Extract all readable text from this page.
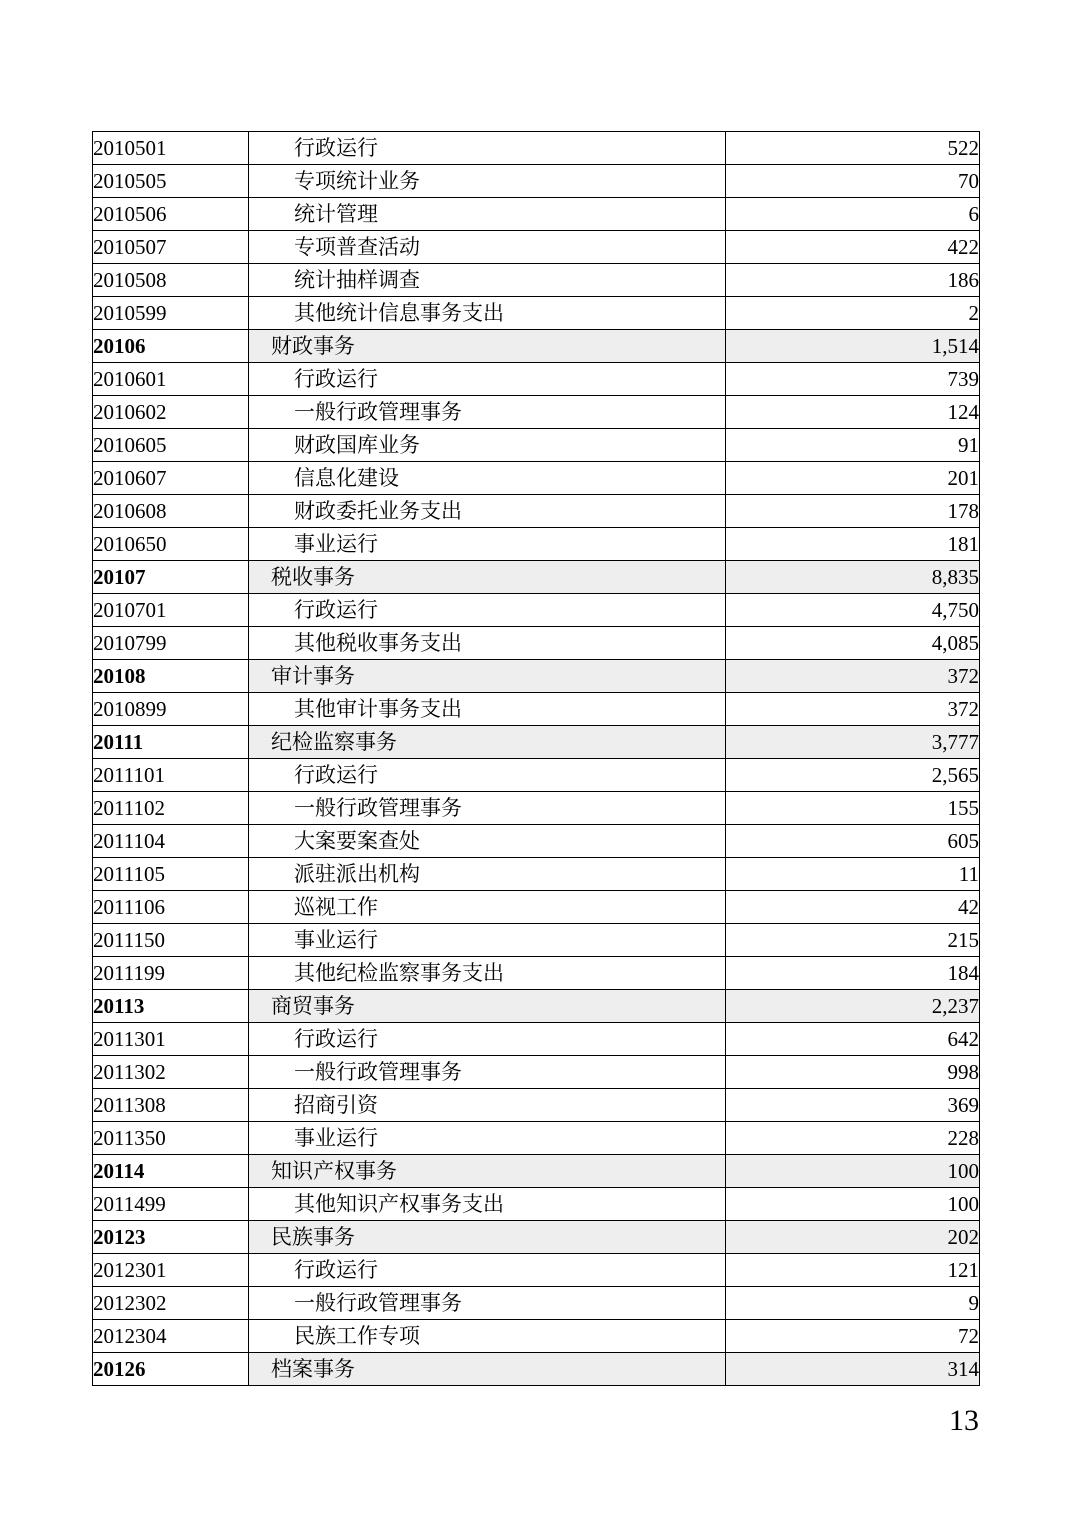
2010501	行政运行	522
2010505	专项统计业务	70
2010506	统计管理	6
2010507	专项普查活动	422
2010508	统计抽样调查	186
2010599	其他统计信息事务支出	2
20106	财政事务	1,514
2010601	行政运行	739
2010602	一般行政管理事务	124
2010605	财政国库业务	91
2010607	信息化建设	201
2010608	财政委托业务支出	178
2010650	事业运行	181
20107	税收事务	8,835
2010701	行政运行	4,750
2010799	其他税收事务支出	4,085
20108	审计事务	372
2010899	其他审计事务支出	372
20111	纪检监察事务	3,777
2011101	行政运行	2,565
2011102	一般行政管理事务	155
2011104	大案要案查处	605
2011105	派驻派出机构	11
2011106	巡视工作	42
2011150	事业运行	215
2011199	其他纪检监察事务支出	184
20113	商贸事务	2,237
2011301	行政运行	642
2011302	一般行政管理事务	998
2011308	招商引资	369
2011350	事业运行	228
20114	知识产权事务	100
2011499	其他知识产权事务支出	100
20123	民族事务	202
2012301	行政运行	121
2012302	一般行政管理事务	9
2012304	民族工作专项	72
20126	档案事务	314
13
